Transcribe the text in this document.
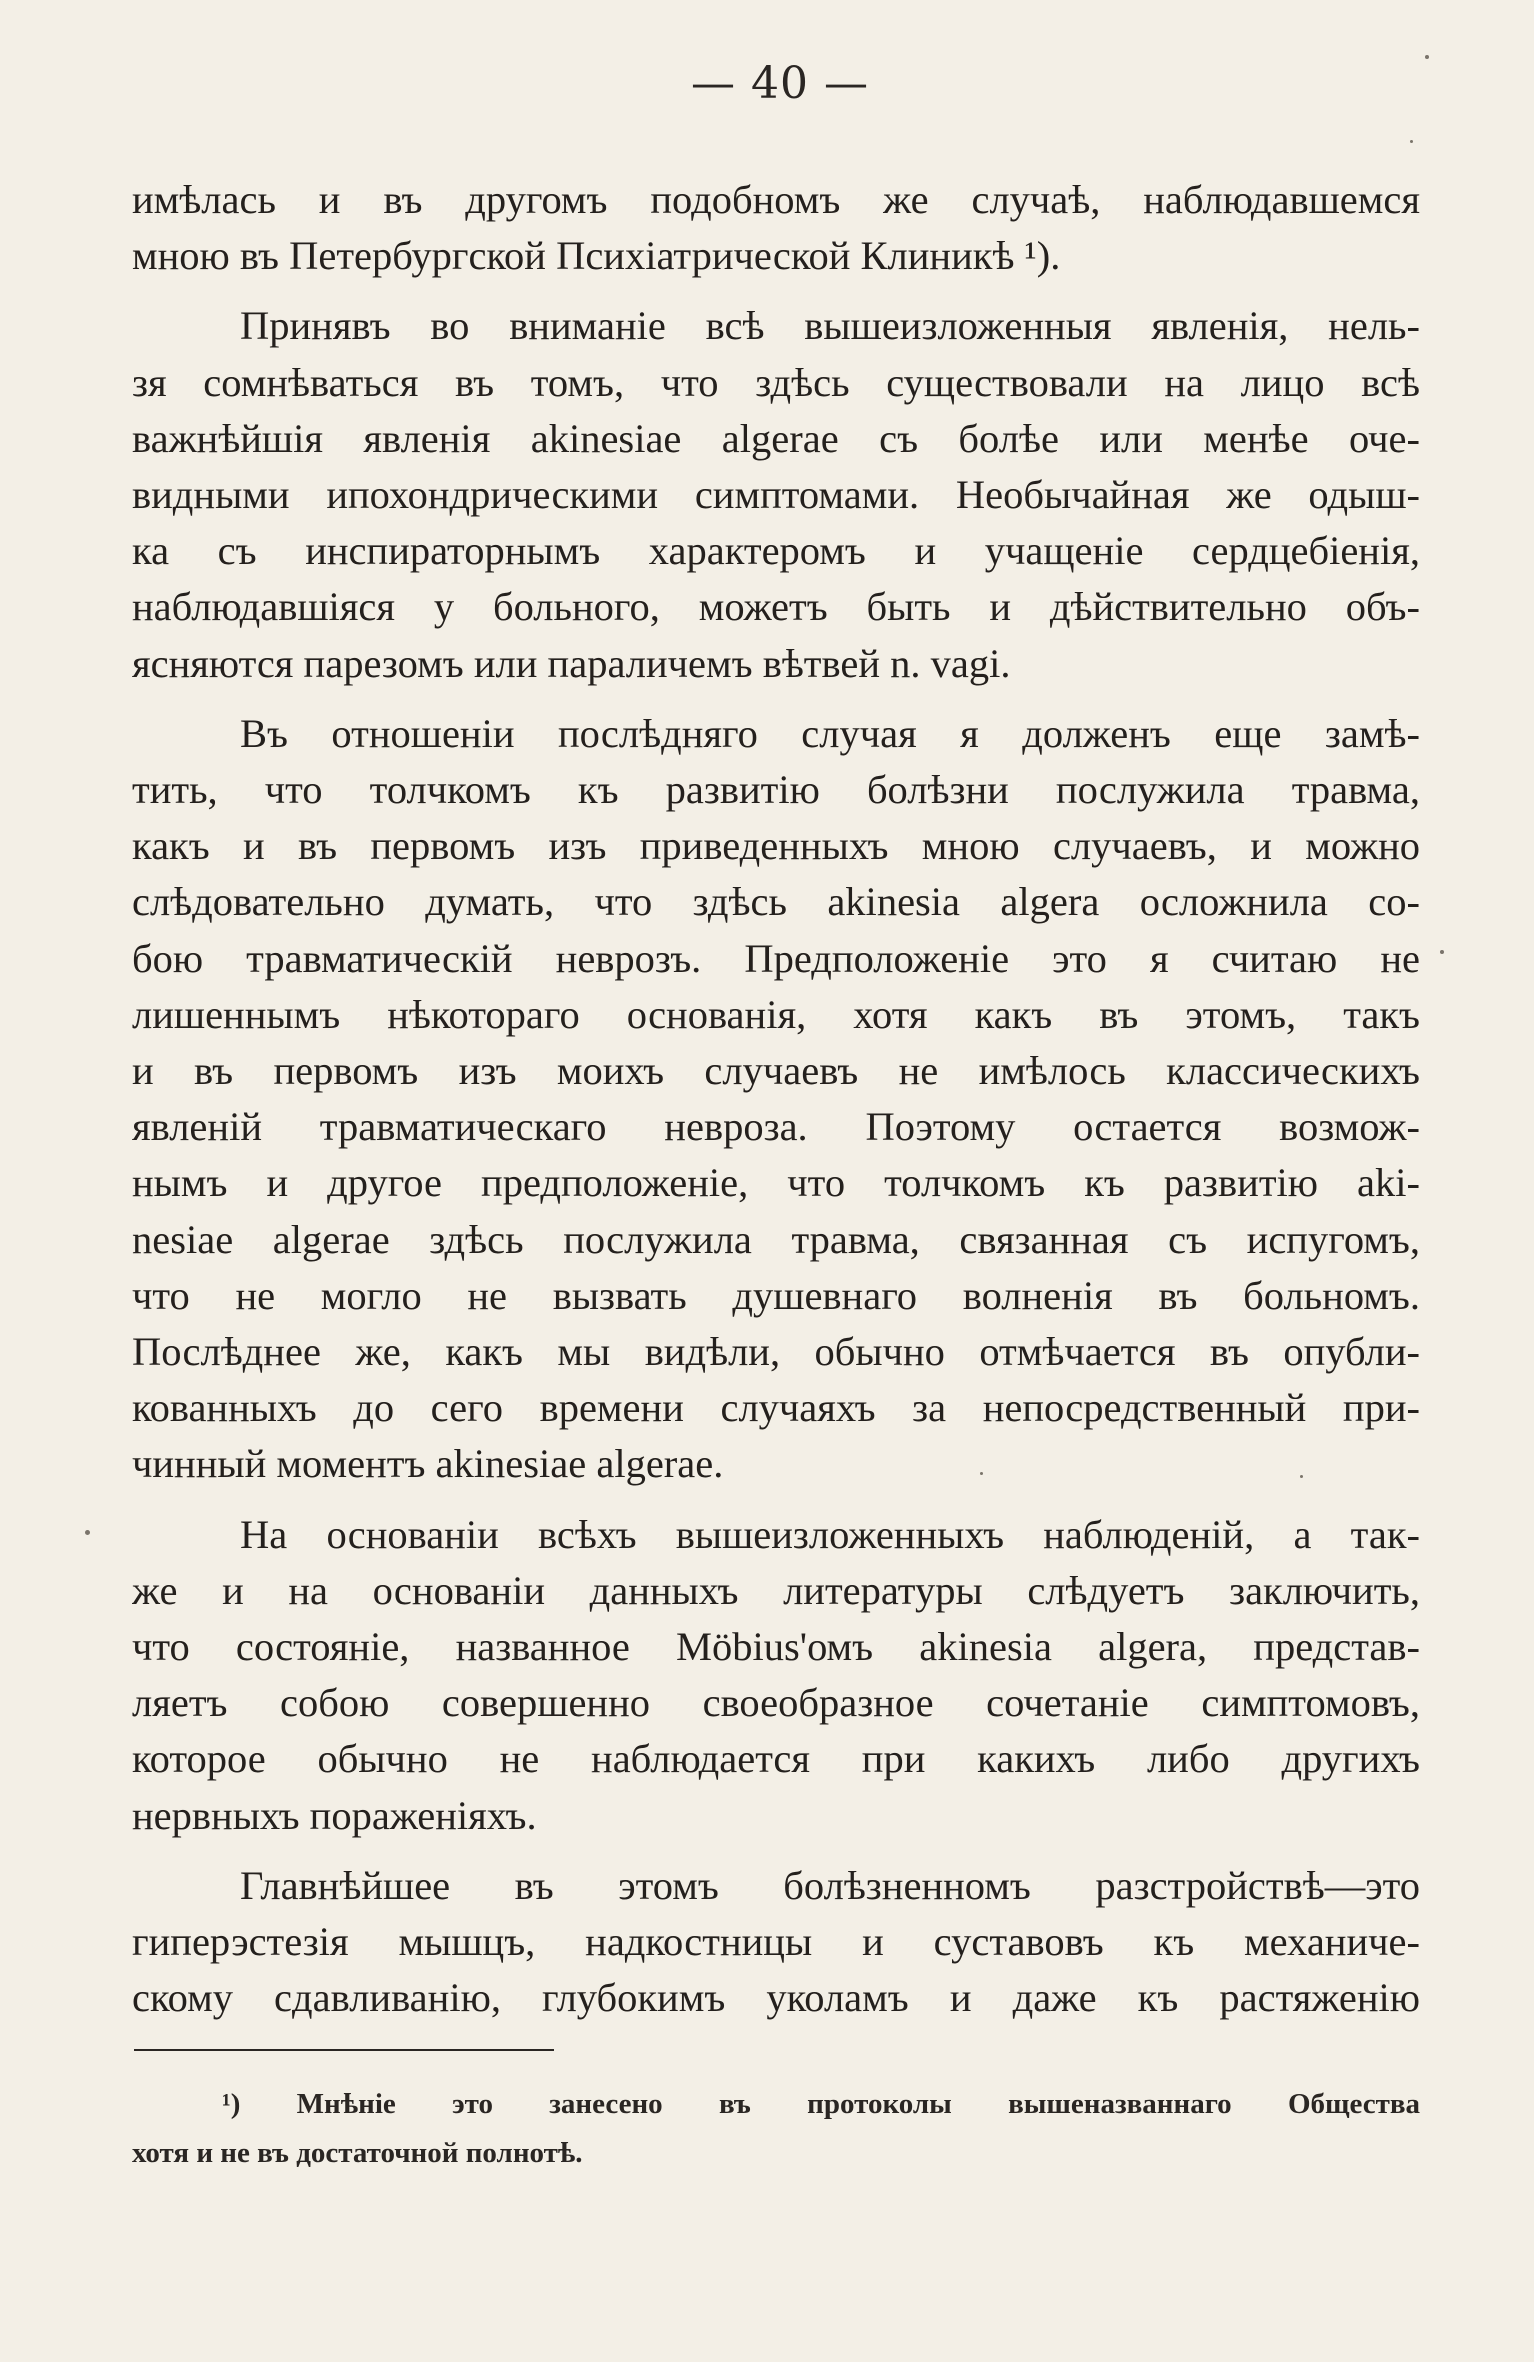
— 40 —
имѣлась и въ другомъ подобномъ же случаѣ, наблюдавшемся
мною въ Петербургской Психіатрической Клиникѣ ¹).
Принявъ во вниманіе всѣ вышеизложенныя явленія, нель-
зя сомнѣваться въ томъ, что здѣсь существовали на лицо всѣ
важнѣйшія явленія akinesiae algerae съ болѣе или менѣе оче-
видными ипохондрическими симптомами. Необычайная же одыш-
ка съ инспираторнымъ характеромъ и учащеніе сердцебіенія,
наблюдавшіяся у больного, можетъ быть и дѣйствительно объ-
ясняются парезомъ или параличемъ вѣтвей n. vagi.
Въ отношеніи послѣдняго случая я долженъ еще замѣ-
тить, что толчкомъ къ развитію болѣзни послужила травма,
какъ и въ первомъ изъ приведенныхъ мною случаевъ, и можно
слѣдовательно думать, что здѣсь akinesia algera осложнила со-
бою травматическій неврозъ. Предположеніе это я считаю не
лишеннымъ нѣкотораго основанія, хотя какъ въ этомъ, такъ
и въ первомъ изъ моихъ случаевъ не имѣлось классическихъ
явленій травматическаго невроза. Поэтому остается возмож-
нымъ и другое предположеніе, что толчкомъ къ развитію aki-
nesiae algerae здѣсь послужила травма, связанная съ испугомъ,
что не могло не вызвать душевнаго волненія въ больномъ.
Послѣднее же, какъ мы видѣли, обычно отмѣчается въ опубли-
кованныхъ до сего времени случаяхъ за непосредственный при-
чинный моментъ akinesiae algerae.
На основаніи всѣхъ вышеизложенныхъ наблюденій, а так-
же и на основаніи данныхъ литературы слѣдуетъ заключить,
что состояніе, названное Möbius'омъ akinesia algera, представ-
ляетъ собою совершенно своеобразное сочетаніе симптомовъ,
которое обычно не наблюдается при какихъ либо другихъ
нервныхъ пораженіяхъ.
Главнѣйшее въ этомъ болѣзненномъ разстройствѣ—это
гиперэстезія мышцъ, надкостницы и суставовъ къ механиче-
скому сдавливанію, глубокимъ уколамъ и даже къ растяженію
¹) Мнѣніе это занесено въ протоколы вышеназваннаго Общества
хотя и не въ достаточной полнотѣ.
